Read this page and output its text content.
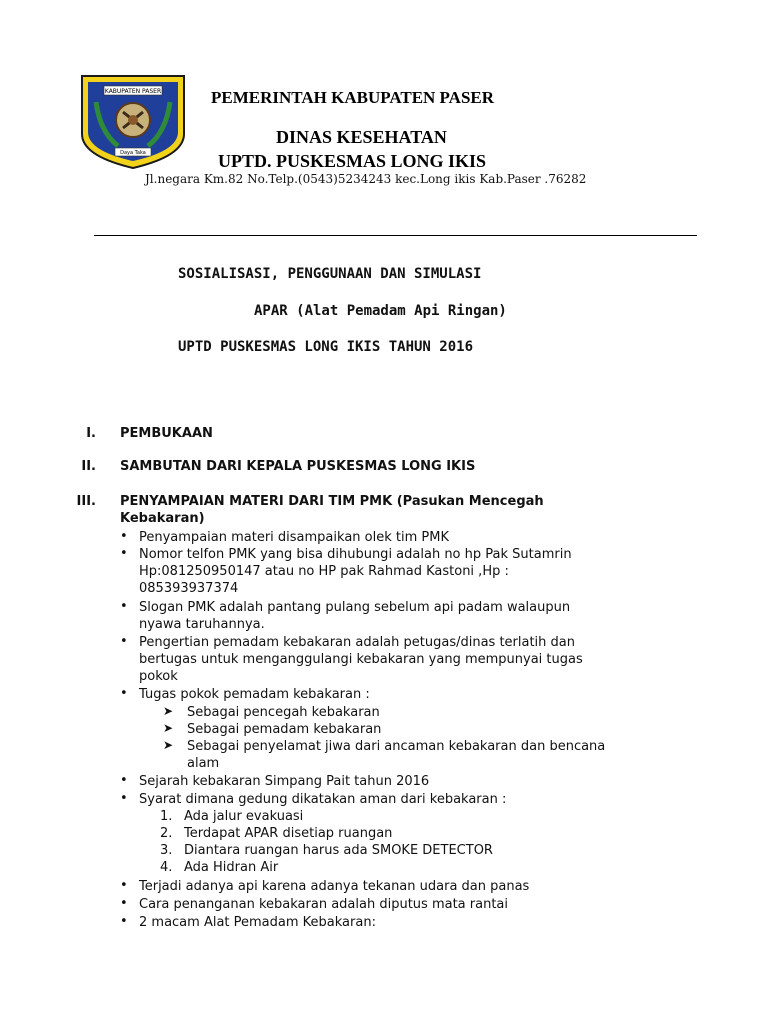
KABUPATEN PASER
Daya Taka
PEMERINTAH KABUPATEN PASER
DINAS KESEHATAN
UPTD. PUSKESMAS LONG IKIS
Jl.negara Km.82 No.Telp.(0543)5234243 kec.Long ikis Kab.Paser .76282
SOSIALISASI, PENGGUNAAN DAN SIMULASI
APAR (Alat Pemadam Api Ringan)
UPTD PUSKESMAS LONG IKIS TAHUN 2016
I. PEMBUKAAN
II. SAMBUTAN DARI KEPALA PUSKESMAS LONG IKIS
III. PENYAMPAIAN MATERI DARI TIM PMK (Pasukan Mencegah
Kebakaran)
• Penyampaian materi disampaikan olek tim PMK
• Nomor telfon PMK yang bisa dihubungi adalah no hp Pak Sutamrin
Hp:081250950147 atau no HP pak Rahmad Kastoni ,Hp :
085393937374
• Slogan PMK adalah pantang pulang sebelum api padam walaupun
nyawa taruhannya.
• Pengertian pemadam kebakaran adalah petugas/dinas terlatih dan
bertugas untuk menganggulangi kebakaran yang mempunyai tugas
pokok
• Tugas pokok pemadam kebakaran :
➤ Sebagai pencegah kebakaran
➤ Sebagai pemadam kebakaran
➤ Sebagai penyelamat jiwa dari ancaman kebakaran dan bencana
alam
• Sejarah kebakaran Simpang Pait tahun 2016
• Syarat dimana gedung dikatakan aman dari kebakaran :
1. Ada jalur evakuasi
2. Terdapat APAR disetiap ruangan
3. Diantara ruangan harus ada SMOKE DETECTOR
4. Ada Hidran Air
• Terjadi adanya api karena adanya tekanan udara dan panas
• Cara penanganan kebakaran adalah diputus mata rantai
• 2 macam Alat Pemadam Kebakaran:
